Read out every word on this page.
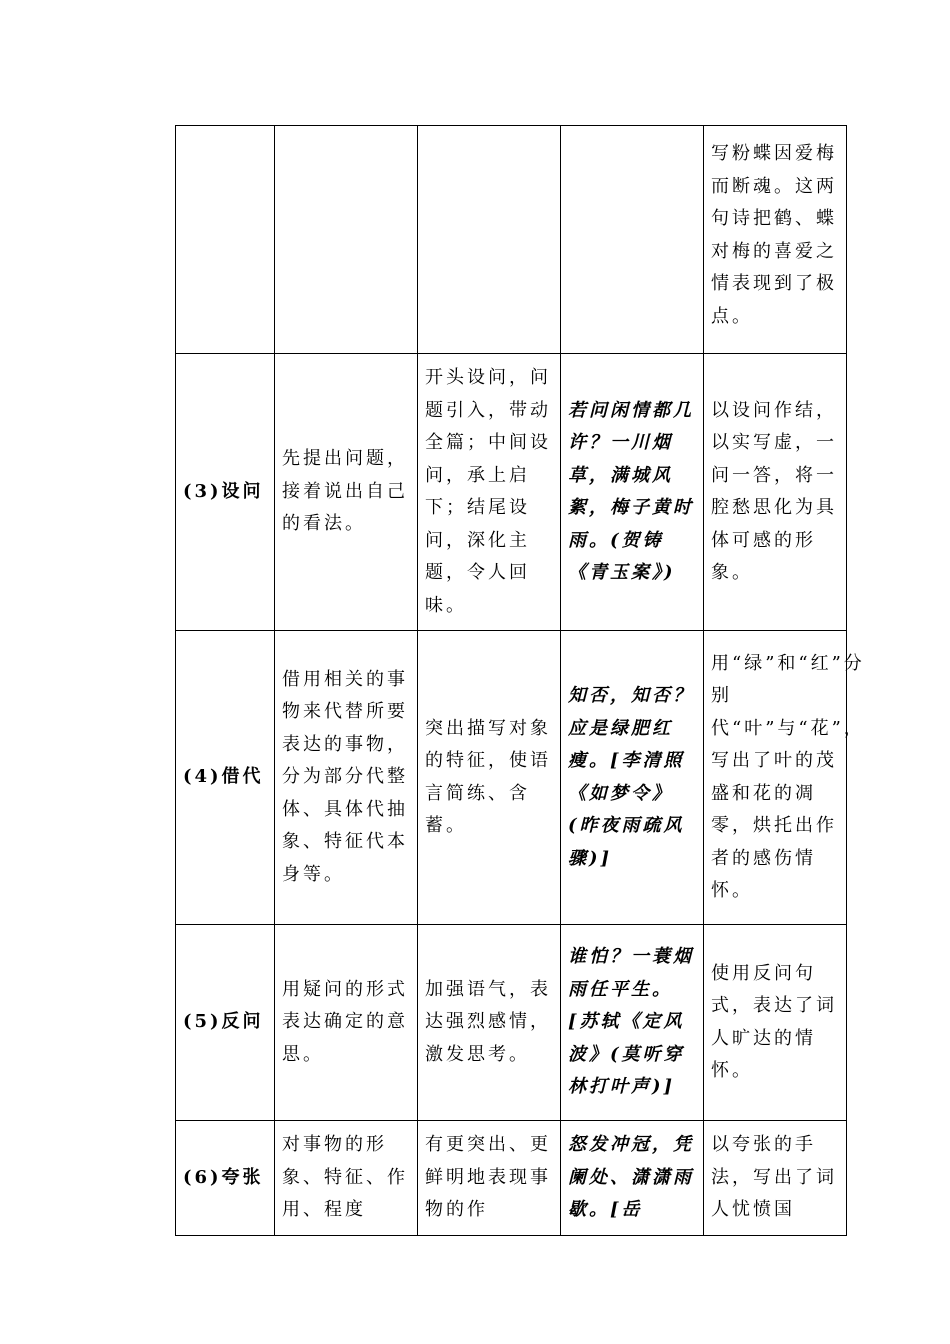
				写粉蝶因爱梅而断魂。这两句诗把鹤、蝶对梅的喜爱之情表现到了极点。
(3)设问	先提出问题，接着说出自己的看法。	开头设问，问题引入，带动全篇；中间设问，承上启下；结尾设问，深化主题，令人回味。	若问闲情都几许？一川烟草，满城风絮，梅子黄时雨。(贺铸《青玉案》)	以设问作结，以实写虚，一问一答，将一腔愁思化为具体可感的形象。
(4)借代	借用相关的事物来代替所要表达的事物，分为部分代整体、具体代抽象、特征代本身等。	突出描写对象的特征，使语言简练、含蓄。	知否，知否？应是绿肥红瘦。[李清照《如梦令》(昨夜雨疏风骤)]	用“绿”和“红”分别代“叶”与“花”，写出了叶的茂盛和花的凋零，烘托出作者的感伤情怀。
(5)反问	用疑问的形式表达确定的意思。	加强语气，表达强烈感情，激发思考。	谁怕？一蓑烟雨任平生。[苏轼《定风波》(莫听穿林打叶声)]	使用反问句式，表达了词人旷达的情怀。
(6)夸张	对事物的形象、特征、作用、程度	有更突出、更鲜明地表现事物的作	怒发冲冠，凭阑处、潇潇雨歇。[岳	以夸张的手法，写出了词人忧愤国
